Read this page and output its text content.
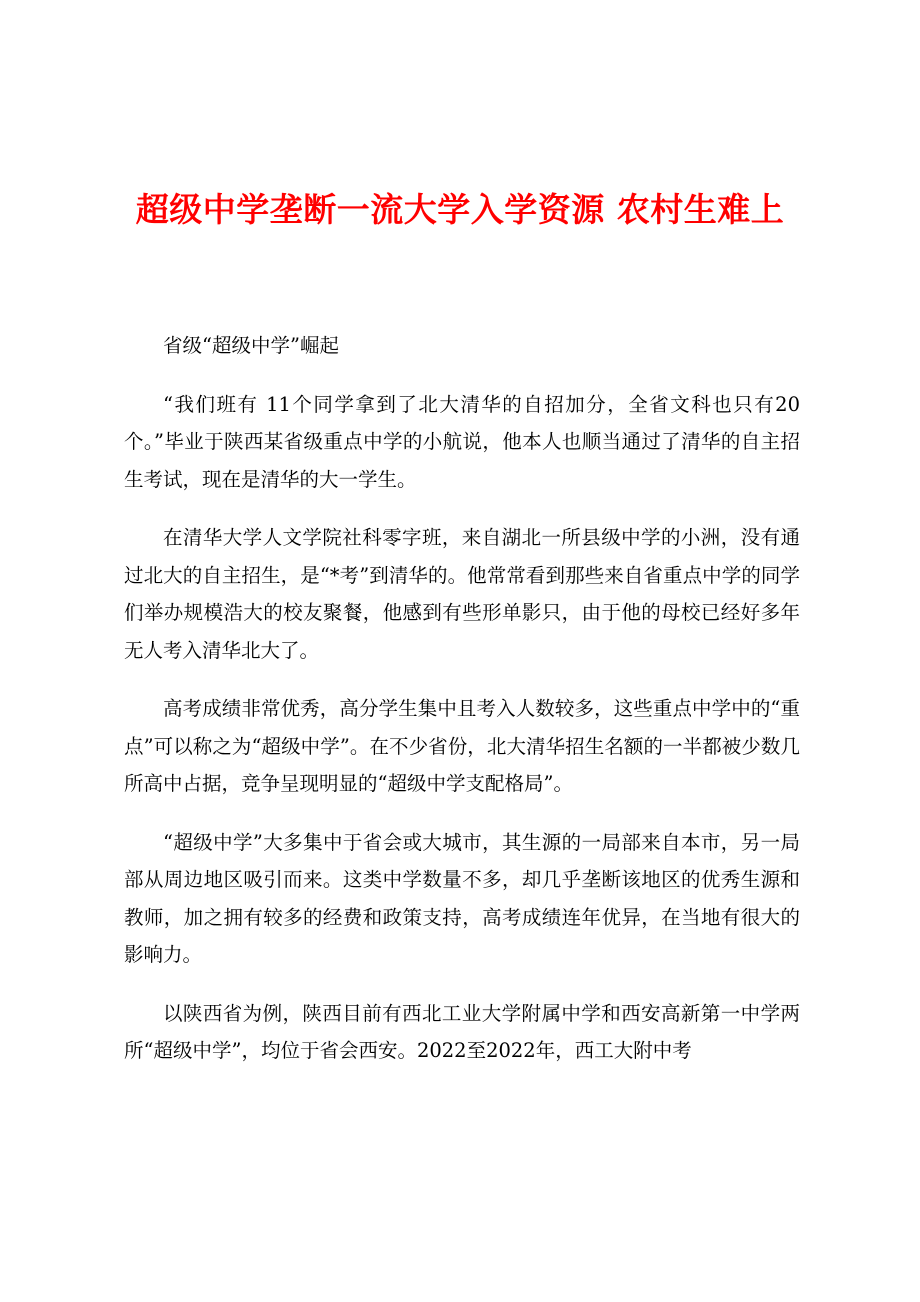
超级中学垄断一流大学入学资源 农村生难上

省级“超级中学”崛起

“我们班有 11个同学拿到了北大清华的自招加分，全省文科也只有20个。”毕业于陕西某省级重点中学的小航说，他本人也顺当通过了清华的自主招生考试，现在是清华的大一学生。

在清华大学人文学院社科零字班，来自湖北一所县级中学的小洲，没有通过北大的自主招生，是“*考”到清华的。他常常看到那些来自省重点中学的同学们举办规模浩大的校友聚餐，他感到有些形单影只，由于他的母校已经好多年无人考入清华北大了。

高考成绩非常优秀，高分学生集中且考入人数较多，这些重点中学中的“重点”可以称之为“超级中学”。在不少省份，北大清华招生名额的一半都被少数几所高中占据，竞争呈现明显的“超级中学支配格局”。

“超级中学”大多集中于省会或大城市，其生源的一局部来自本市，另一局部从周边地区吸引而来。这类中学数量不多，却几乎垄断该地区的优秀生源和教师，加之拥有较多的经费和政策支持，高考成绩连年优异，在当地有很大的影响力。

以陕西省为例，陕西目前有西北工业大学附属中学和西安高新第一中学两所“超级中学”，均位于省会西安。2022至2022年，西工大附中考
